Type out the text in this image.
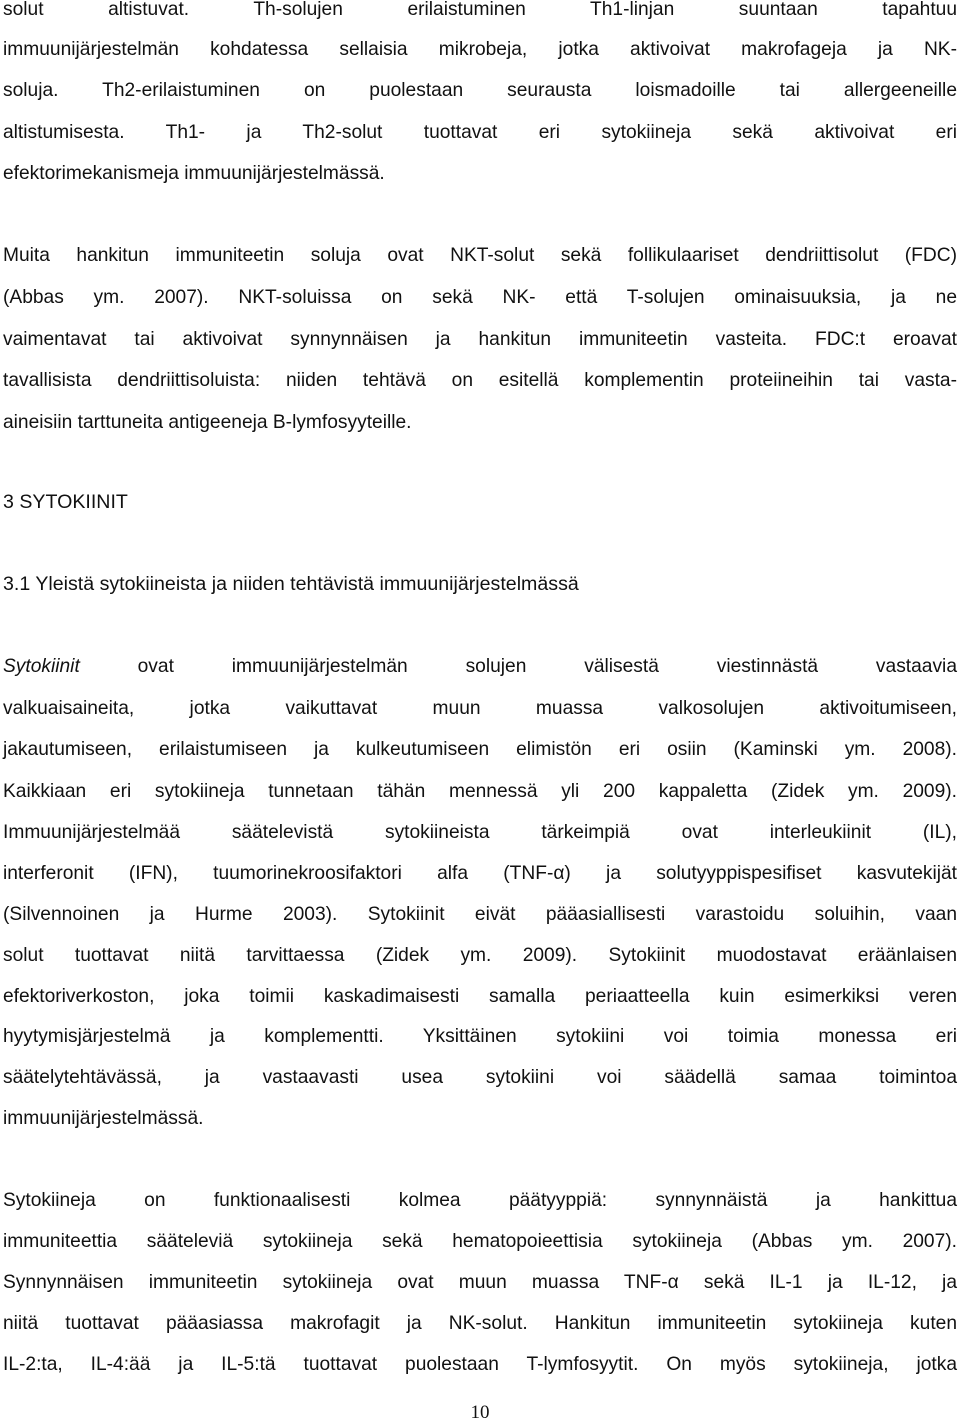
solut altistuvat. Th-solujen erilaistuminen Th1-linjan suuntaan tapahtuu
immuunijärjestelmän kohdatessa sellaisia mikrobeja, jotka aktivoivat makrofageja ja NK-
soluja. Th2-erilaistuminen on puolestaan seurausta loismadoille tai allergeeneille
altistumisesta. Th1- ja Th2-solut tuottavat eri sytokiineja sekä aktivoivat eri
efektorimekanismeja immuunijärjestelmässä.
Muita hankitun immuniteetin soluja ovat NKT-solut sekä follikulaariset dendriittisolut (FDC)
(Abbas ym. 2007). NKT-soluissa on sekä NK- että T-solujen ominaisuuksia, ja ne
vaimentavat tai aktivoivat synnynnäisen ja hankitun immuniteetin vasteita. FDC:t eroavat
tavallisista dendriittisoluista: niiden tehtävä on esitellä komplementin proteiineihin tai vasta-
aineisiin tarttuneita antigeeneja B-lymfosyyteille.
3 SYTOKIINIT
3.1 Yleistä sytokiineista ja niiden tehtävistä immuunijärjestelmässä
Sytokiinit ovat immuunijärjestelmän solujen välisestä viestinnästä vastaavia
valkuaisaineita, jotka vaikuttavat muun muassa valkosolujen aktivoitumiseen,
jakautumiseen, erilaistumiseen ja kulkeutumiseen elimistön eri osiin (Kaminski ym. 2008).
Kaikkiaan eri sytokiineja tunnetaan tähän mennessä yli 200 kappaletta (Zidek ym. 2009).
Immuunijärjestelmää säätelevistä sytokiineista tärkeimpiä ovat interleukiinit (IL),
interferonit (IFN), tuumorinekroosifaktori alfa (TNF-α) ja solutyyppispesifiset kasvutekijät
(Silvennoinen ja Hurme 2003). Sytokiinit eivät pääasiallisesti varastoidu soluihin, vaan
solut tuottavat niitä tarvittaessa (Zidek ym. 2009). Sytokiinit muodostavat eräänlaisen
efektoriverkoston, joka toimii kaskadimaisesti samalla periaatteella kuin esimerkiksi veren
hyytymisjärjestelmä ja komplementti. Yksittäinen sytokiini voi toimia monessa eri
säätelytehtävässä, ja vastaavasti usea sytokiini voi säädellä samaa toimintoa
immuunijärjestelmässä.
Sytokiineja on funktionaalisesti kolmea päätyyppiä: synnynnäistä ja hankittua
immuniteettia sääteleviä sytokiineja sekä hematopoieettisia sytokiineja (Abbas ym. 2007).
Synnynnäisen immuniteetin sytokiineja ovat muun muassa TNF-α sekä IL-1 ja IL-12, ja
niitä tuottavat pääasiassa makrofagit ja NK-solut. Hankitun immuniteetin sytokiineja kuten
IL-2:ta, IL-4:ää ja IL-5:tä tuottavat puolestaan T-lymfosyytit. On myös sytokiineja, jotka
10
